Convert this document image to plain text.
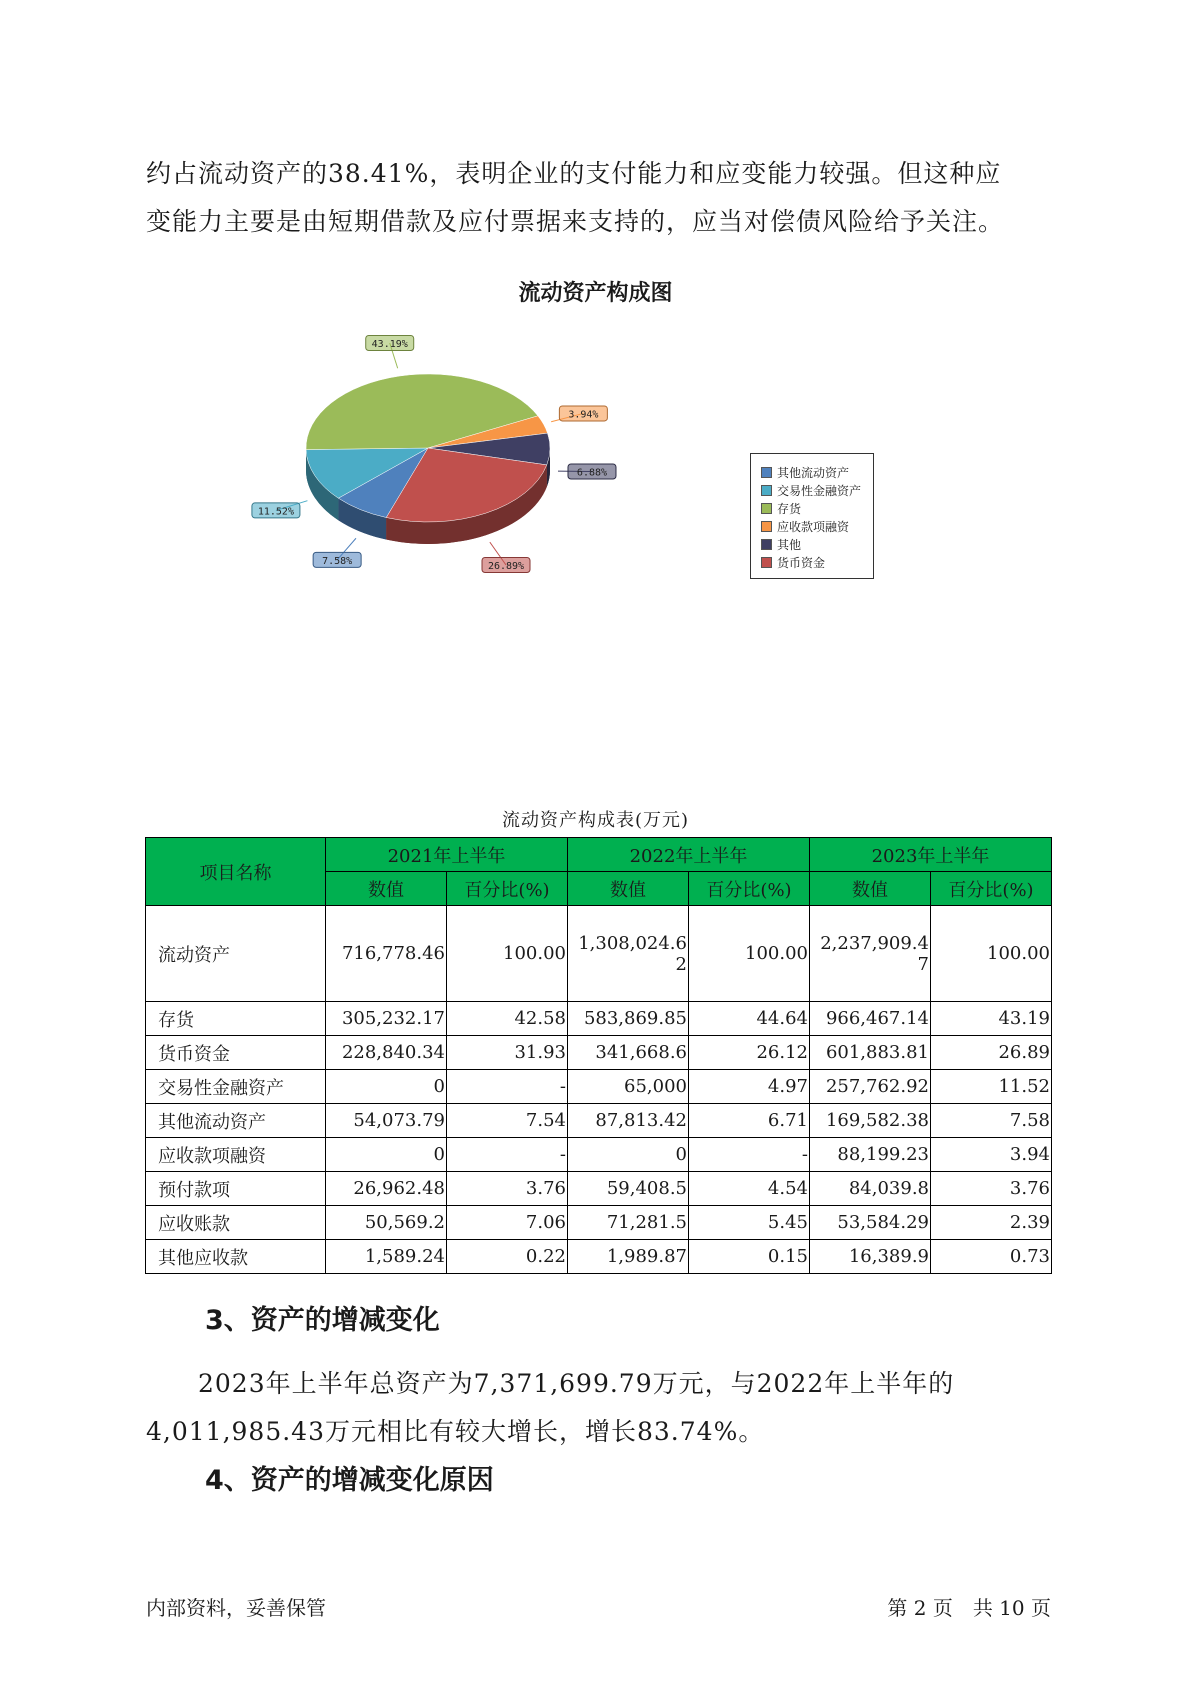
约占流动资产的38.41%，表明企业的支付能力和应变能力较强。但这种应
变能力主要是由短期借款及应付票据来支持的，应当对偿债风险给予关注。
流动资产构成图
7.58%
11.52%
43.19%
3.94%
6.88%
26.89%
其他流动资产
交易性金融资产
存货
应收款项融资
其他
货币资金
流动资产构成表(万元)
项目名称	2021年上半年		2022年上半年		2023年上半年	
	数值	百分比(%)	数值	百分比(%)	数值	百分比(%)
流动资产	716,778.46	100.00	1,308,024.62	100.00	2,237,909.47	100.00
存货	305,232.17	42.58	583,869.85	44.64	966,467.14	43.19
货币资金	228,840.34	31.93	341,668.6	26.12	601,883.81	26.89
交易性金融资产	0	-	65,000	4.97	257,762.92	11.52
其他流动资产	54,073.79	7.54	87,813.42	6.71	169,582.38	7.58
应收款项融资	0	-	0	-	88,199.23	3.94
预付款项	26,962.48	3.76	59,408.5	4.54	84,039.8	3.76
应收账款	50,569.2	7.06	71,281.5	5.45	53,584.29	2.39
其他应收款	1,589.24	0.22	1,989.87	0.15	16,389.9	0.73
3、资产的增减变化
2023年上半年总资产为7,371,699.79万元，与2022年上半年的
4,011,985.43万元相比有较大增长，增长83.74%。
4、资产的增减变化原因
内部资料，妥善保管	第 2 页　共 10 页
